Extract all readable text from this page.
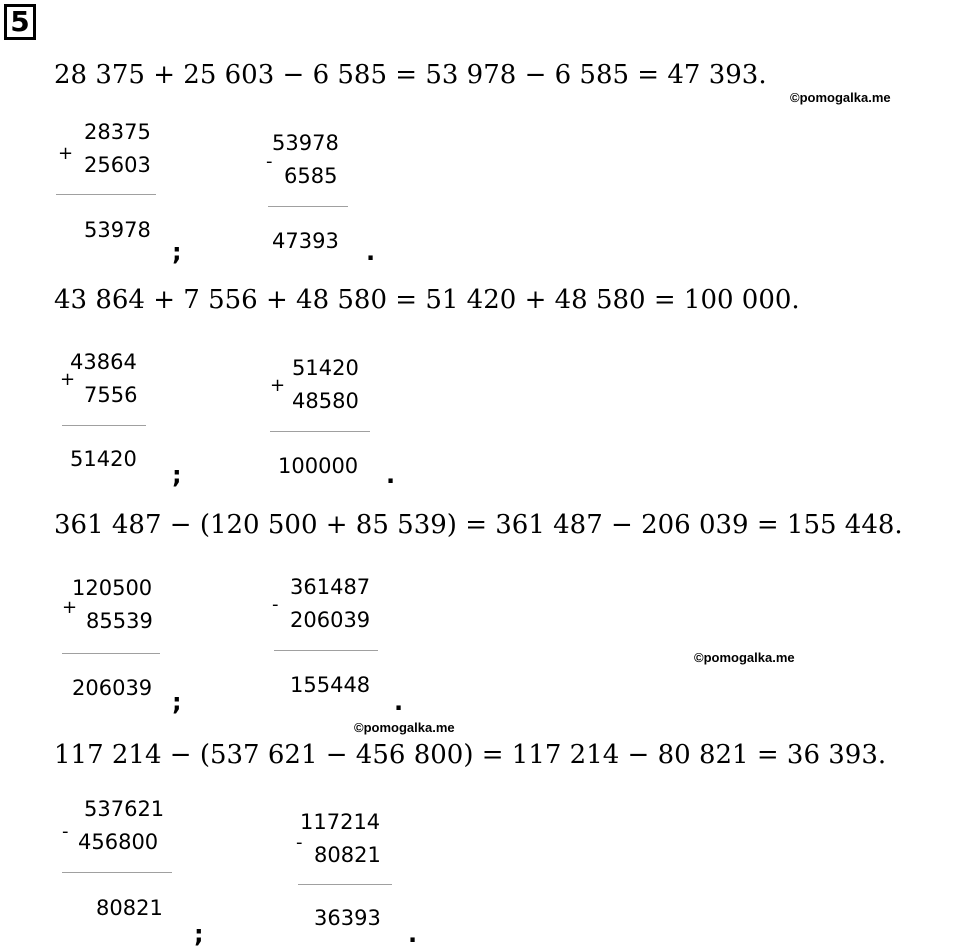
5
28 375 + 25 603 − 6 585 = 53 978 − 6 585 = 47 393.
©pomogalka.me
+
28375
25603
53978
;
-
53978
6585
47393 .
43 864 + 7 556 + 48 580 = 51 420 + 48 580 = 100 000.
+
43864
7556
51420
;
+
51420
48580
100000 .
361 487 − (120 500 + 85 539) = 361 487 − 206 039 = 155 448.
+
120500
85539
206039 ;
-
361487
206039
155448
.
©pomogalka.me
©pomogalka.me
117 214 − (537 621 − 456 800) = 117 214 − 80 821 = 36 393.
-
537621
456800
80821
;
-
117214
80821
36393
.
